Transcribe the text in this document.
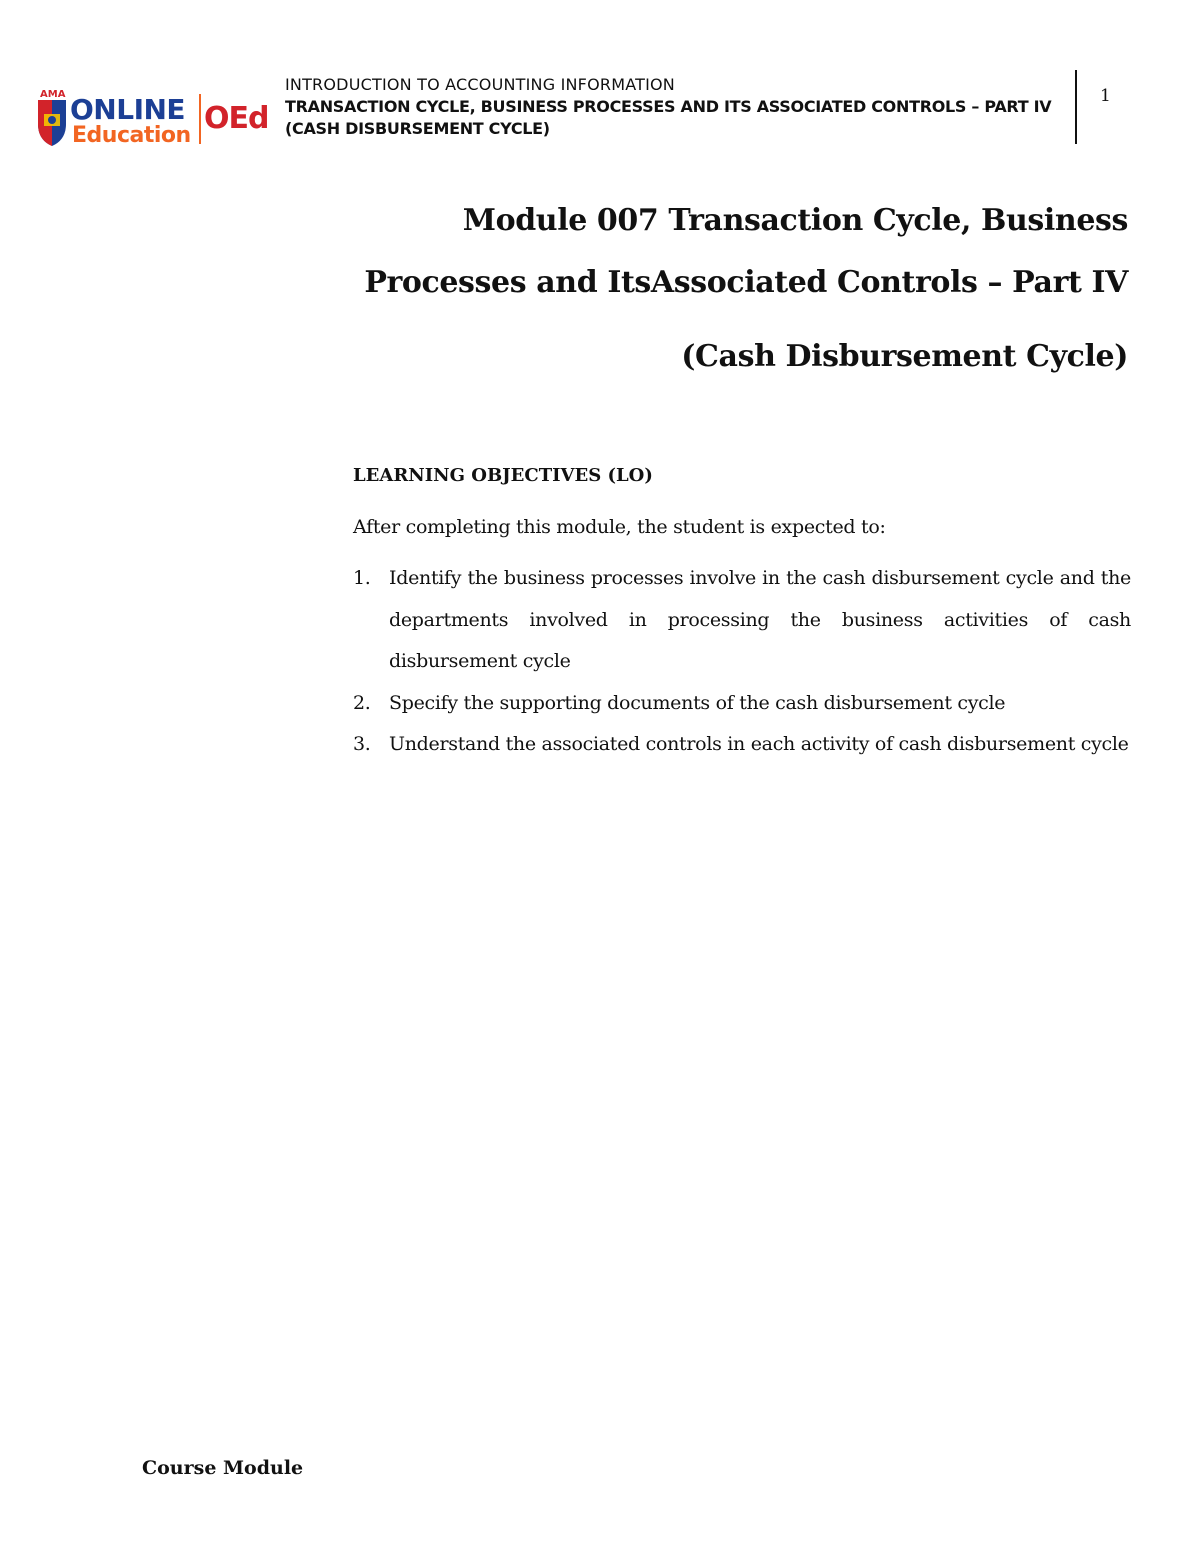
AMA ONLINE
Education OEd
INTRODUCTION TO ACCOUNTING INFORMATION
TRANSACTION CYCLE, BUSINESS PROCESSES AND ITS ASSOCIATED CONTROLS – PART IV (CASH DISBURSEMENT CYCLE)
1
Module 007 Transaction Cycle, Business
Processes and ItsAssociated Controls – Part IV
(Cash Disbursement Cycle)
LEARNING OBJECTIVES (LO)
After completing this module, the student is expected to:
1. Identify the business processes involve in the cash disbursement cycle and the departments involved in processing the business activities of cash disbursement cycle
2. Specify the supporting documents of the cash disbursement cycle
3. Understand the associated controls in each activity of cash disbursement cycle
Course Module
